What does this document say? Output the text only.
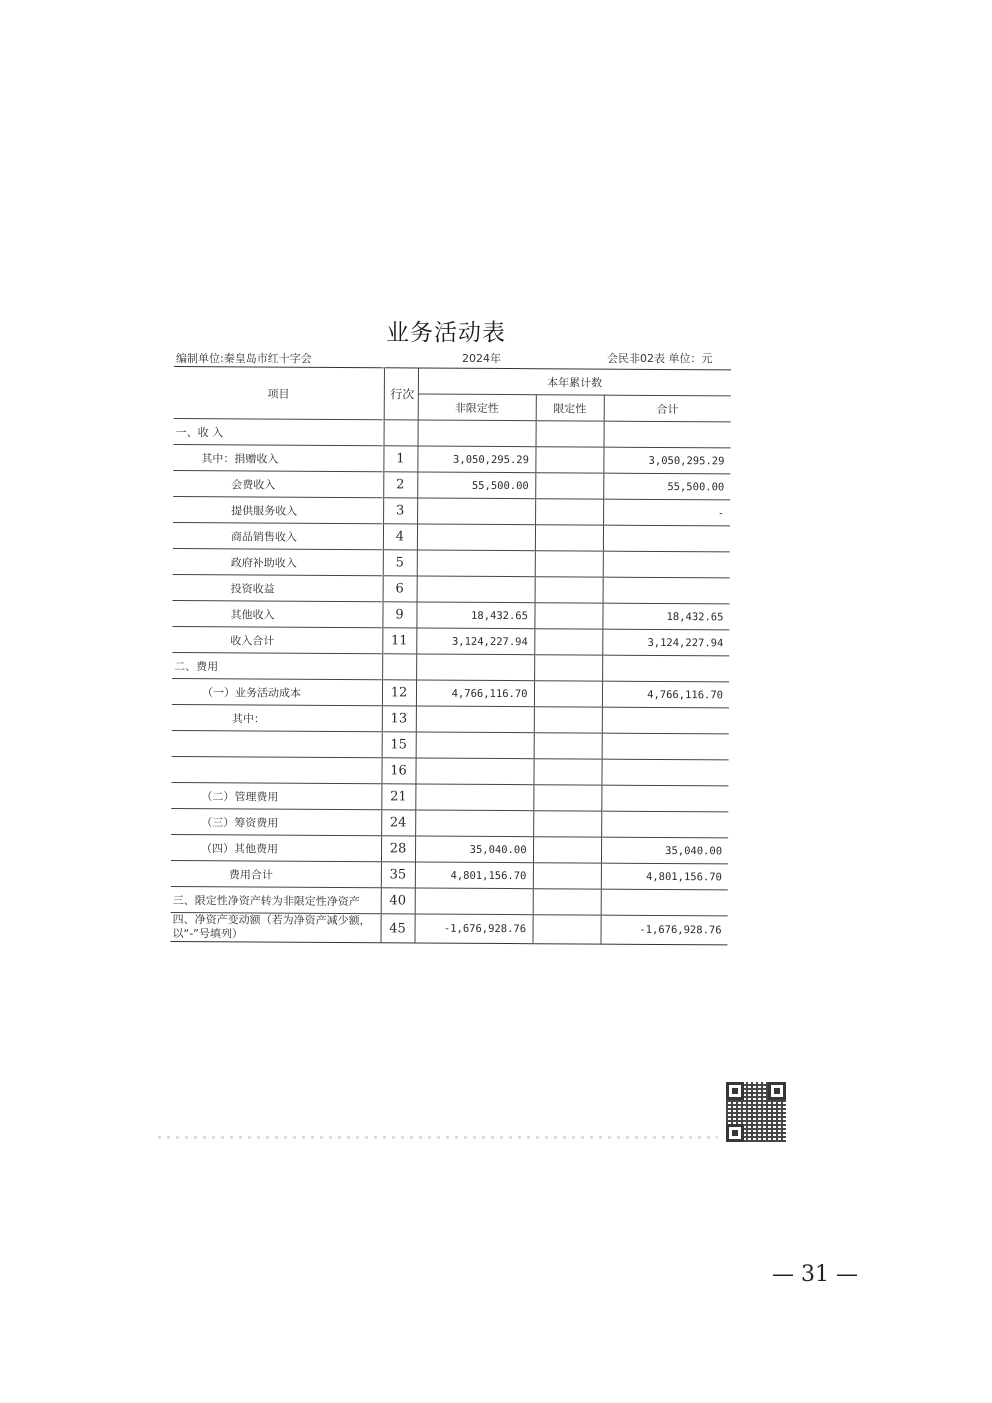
业务活动表
编制单位:秦皇岛市红十字会	2024年	会民非02表 单位：元
项目	行次	本年累计数		
		非限定性	限定性	合计
一、收 入				
其中：捐赠收入	1	3,050,295.29		3,050,295.29
会费收入	2	55,500.00		55,500.00
提供服务收入	3			-
商品销售收入	4			
政府补助收入	5			
投资收益	6			
其他收入	9	18,432.65		18,432.65
收入合计	11	3,124,227.94		3,124,227.94
二、费用				
（一）业务活动成本	12	4,766,116.70		4,766,116.70
其中：	13			
	15			
	16			
（二）管理费用	21			
（三）筹资费用	24			
（四）其他费用	28	35,040.00		35,040.00
费用合计	35	4,801,156.70		4,801,156.70
三、限定性净资产转为非限定性净资产	40			
四、净资产变动额（若为净资产减少额，以“-”号填列）	45	-1,676,928.76		-1,676,928.76
— 31 —
